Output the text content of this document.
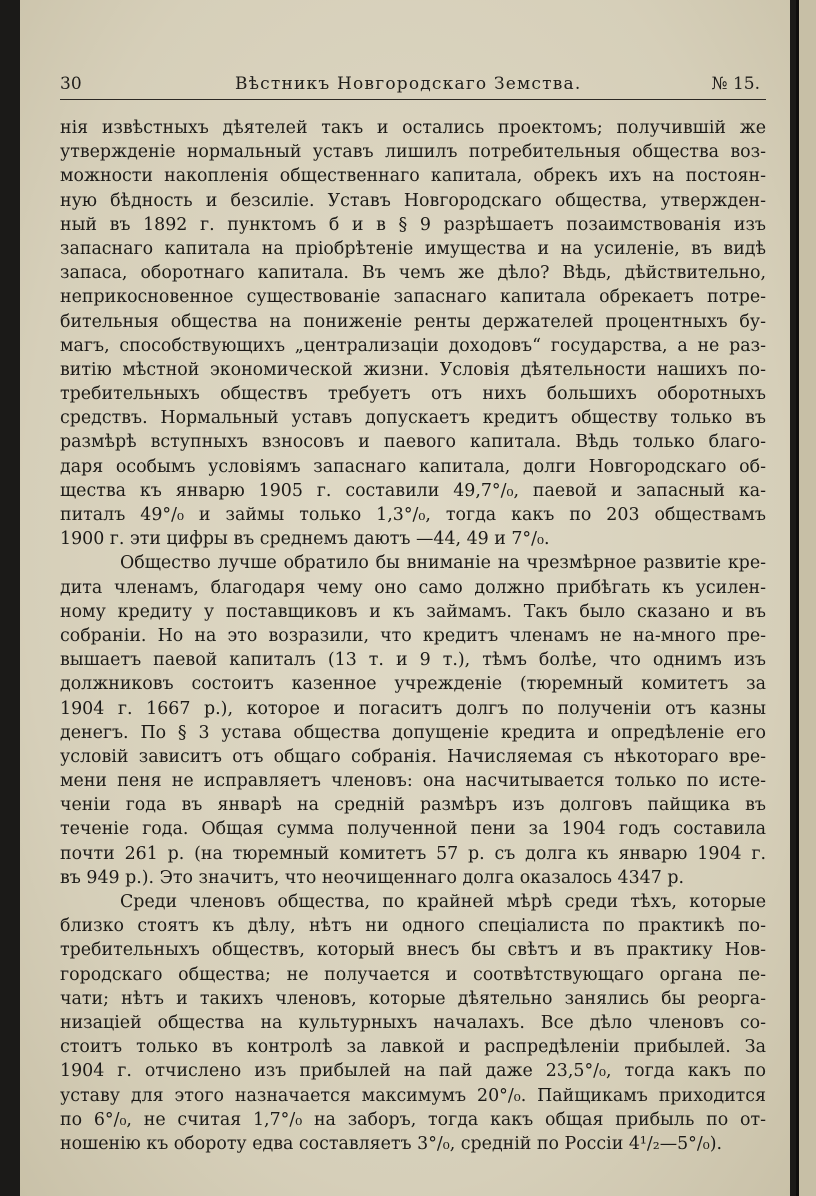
30	Вѣстникъ Новгородскаго Земства.	№ 15.
нія извѣстныхъ дѣятелей такъ и остались проектомъ; получившій же
утвержденіе нормальный уставъ лишилъ потребительныя общества воз-
можности накопленія общественнаго капитала, обрекъ ихъ на постоян-
ную бѣдность и безсиліе. Уставъ Новгородскаго общества, утвержден-
ный въ 1892 г. пунктомъ б и в § 9 разрѣшаетъ позаимствованія изъ
запаснаго капитала на пріобрѣтеніе имущества и на усиленіе, въ видѣ
запаса, оборотнаго капитала. Въ чемъ же дѣло? Вѣдь, дѣйствительно,
неприкосновенное существованіе запаснаго капитала обрекаетъ потре-
бительныя общества на пониженіе ренты держателей процентныхъ бу-
магъ, способствующихъ „централизаціи доходовъ“ государства, а не раз-
витію мѣстной экономической жизни. Условія дѣятельности нашихъ по-
требительныхъ обществъ требуетъ отъ нихъ большихъ оборотныхъ
средствъ. Нормальный уставъ допускаетъ кредитъ обществу только въ
размѣрѣ вступныхъ взносовъ и паевого капитала. Вѣдь только благо-
даря особымъ условіямъ запаснаго капитала, долги Новгородскаго об-
щества къ январю 1905 г. составили 49,7°/₀, паевой и запасный ка-
питалъ 49°/₀ и займы только 1,3°/₀, тогда какъ по 203 обществамъ
1900 г. эти цифры въ среднемъ даютъ —44, 49 и 7°/₀.
Общество лучше обратило бы вниманіе на чрезмѣрное развитіе кре-
дита членамъ, благодаря чему оно само должно прибѣгать къ усилен-
ному кредиту у поставщиковъ и къ займамъ. Такъ было сказано и въ
собраніи. Но на это возразили, что кредитъ членамъ не на-много пре-
вышаетъ паевой капиталъ (13 т. и 9 т.), тѣмъ болѣе, что однимъ изъ
должниковъ состоитъ казенное учрежденіе (тюремный комитетъ за
1904 г. 1667 р.), которое и погаситъ долгъ по полученіи отъ казны
денегъ. По § 3 устава общества допущеніе кредита и опредѣленіе его
условій зависитъ отъ общаго собранія. Начисляемая съ нѣкотораго вре-
мени пеня не исправляетъ членовъ: она насчитывается только по исте-
ченіи года въ январѣ на средній размѣръ изъ долговъ пайщика въ
теченіе года. Общая сумма полученной пени за 1904 годъ составила
почти 261 р. (на тюремный комитетъ 57 р. съ долга къ январю 1904 г.
въ 949 р.). Это значитъ, что неочищеннаго долга оказалось 4347 р.
Среди членовъ общества, по крайней мѣрѣ среди тѣхъ, которые
близко стоятъ къ дѣлу, нѣтъ ни одного спеціалиста по практикѣ по-
требительныхъ обществъ, который внесъ бы свѣтъ и въ практику Нов-
городскаго общества; не получается и соотвѣтствующаго органа пе-
чати; нѣтъ и такихъ членовъ, которые дѣятельно занялись бы реорга-
низаціей общества на культурныхъ началахъ. Все дѣло членовъ со-
стоитъ только въ контролѣ за лавкой и распредѣленіи прибылей. За
1904 г. отчислено изъ прибылей на пай даже 23,5°/₀, тогда какъ по
уставу для этого назначается максимумъ 20°/₀. Пайщикамъ приходится
по 6°/₀, не считая 1,7°/₀ на заборъ, тогда какъ общая прибыль по от-
ношенію къ обороту едва составляетъ 3°/₀, средній по Россіи 4¹/₂—5°/₀).
